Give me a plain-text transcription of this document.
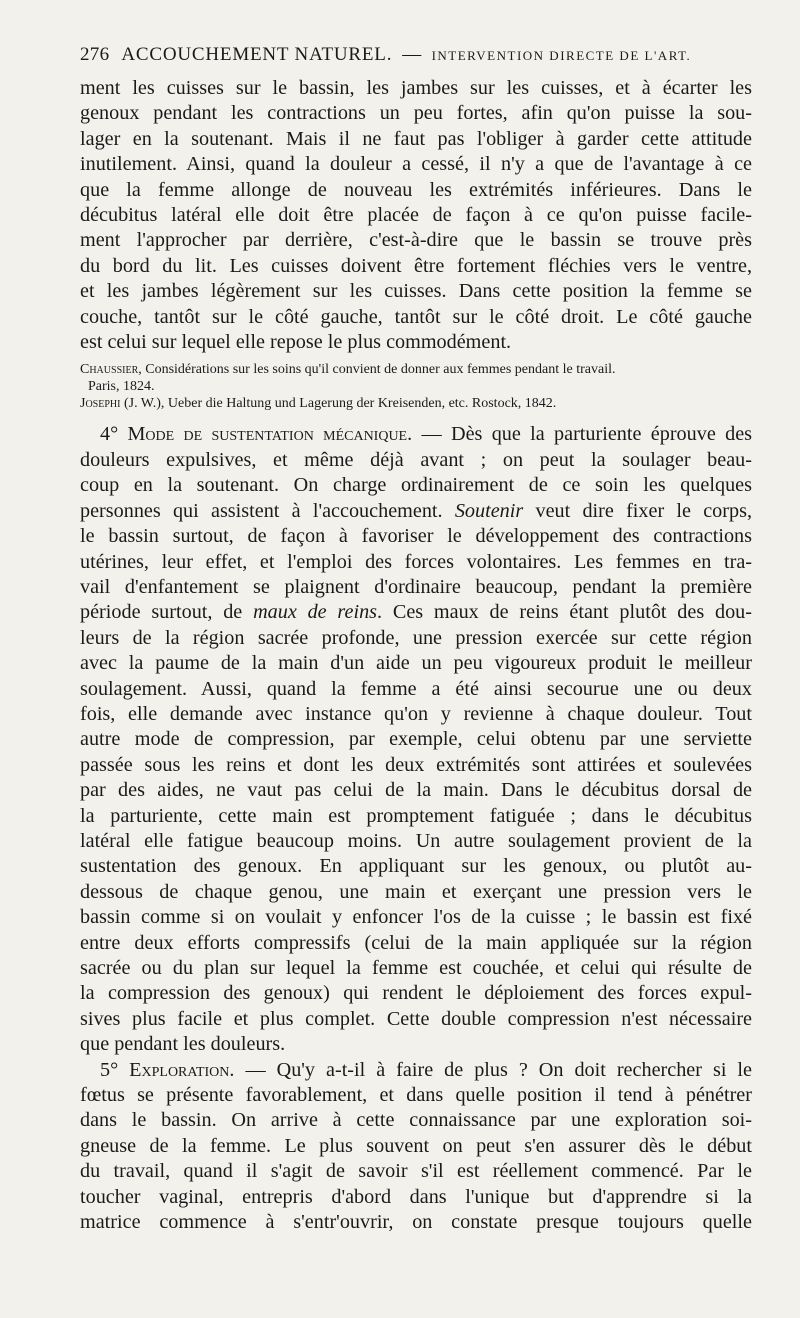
276 ACCOUCHEMENT NATUREL. — INTERVENTION DIRECTE DE L'ART.
ment les cuisses sur le bassin, les jambes sur les cuisses, et à écarter les
genoux pendant les contractions un peu fortes, afin qu'on puisse la sou-
lager en la soutenant. Mais il ne faut pas l'obliger à garder cette attitude
inutilement. Ainsi, quand la douleur a cessé, il n'y a que de l'avantage à ce
que la femme allonge de nouveau les extrémités inférieures. Dans le
décubitus latéral elle doit être placée de façon à ce qu'on puisse facile-
ment l'approcher par derrière, c'est-à-dire que le bassin se trouve près
du bord du lit. Les cuisses doivent être fortement fléchies vers le ventre,
et les jambes légèrement sur les cuisses. Dans cette position la femme se
couche, tantôt sur le côté gauche, tantôt sur le côté droit. Le côté gauche
est celui sur lequel elle repose le plus commodément.
Chaussier, Considérations sur les soins qu'il convient de donner aux femmes pendant le travail.
Paris, 1824.
Josephi (J. W.), Ueber die Haltung und Lagerung der Kreisenden, etc. Rostock, 1842.
4° Mode de sustentation mécanique. — Dès que la parturiente éprouve des
douleurs expulsives, et même déjà avant ; on peut la soulager beau-
coup en la soutenant. On charge ordinairement de ce soin les quelques
personnes qui assistent à l'accouchement. Soutenir veut dire fixer le corps,
le bassin surtout, de façon à favoriser le développement des contractions
utérines, leur effet, et l'emploi des forces volontaires. Les femmes en tra-
vail d'enfantement se plaignent d'ordinaire beaucoup, pendant la première
période surtout, de maux de reins. Ces maux de reins étant plutôt des dou-
leurs de la région sacrée profonde, une pression exercée sur cette région
avec la paume de la main d'un aide un peu vigoureux produit le meilleur
soulagement. Aussi, quand la femme a été ainsi secourue une ou deux
fois, elle demande avec instance qu'on y revienne à chaque douleur. Tout
autre mode de compression, par exemple, celui obtenu par une serviette
passée sous les reins et dont les deux extrémités sont attirées et soulevées
par des aides, ne vaut pas celui de la main. Dans le décubitus dorsal de
la parturiente, cette main est promptement fatiguée ; dans le décubitus
latéral elle fatigue beaucoup moins. Un autre soulagement provient de la
sustentation des genoux. En appliquant sur les genoux, ou plutôt au-
dessous de chaque genou, une main et exerçant une pression vers le
bassin comme si on voulait y enfoncer l'os de la cuisse ; le bassin est fixé
entre deux efforts compressifs (celui de la main appliquée sur la région
sacrée ou du plan sur lequel la femme est couchée, et celui qui résulte de
la compression des genoux) qui rendent le déploiement des forces expul-
sives plus facile et plus complet. Cette double compression n'est nécessaire
que pendant les douleurs.
5° Exploration. — Qu'y a-t-il à faire de plus ? On doit rechercher si le
fœtus se présente favorablement, et dans quelle position il tend à pénétrer
dans le bassin. On arrive à cette connaissance par une exploration soi-
gneuse de la femme. Le plus souvent on peut s'en assurer dès le début
du travail, quand il s'agit de savoir s'il est réellement commencé. Par le
toucher vaginal, entrepris d'abord dans l'unique but d'apprendre si la
matrice commence à s'entr'ouvrir, on constate presque toujours quelle
